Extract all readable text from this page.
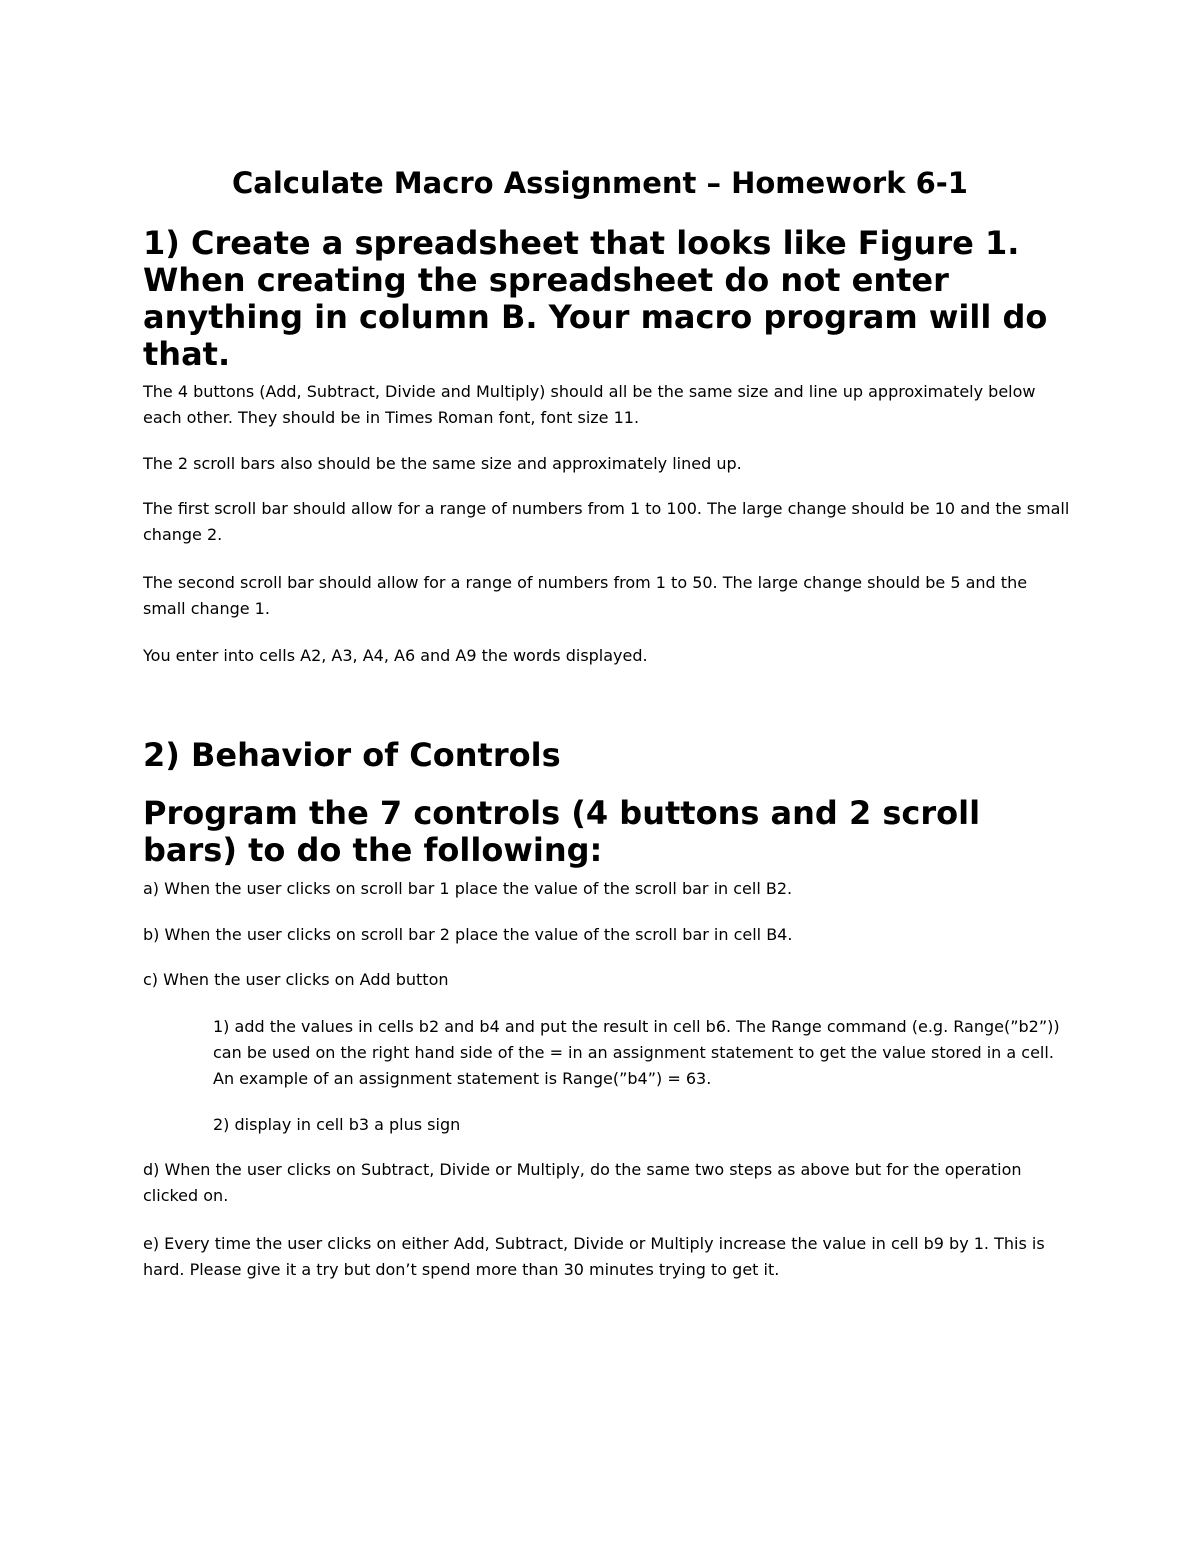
Calculate Macro Assignment – Homework 6-1
1) Create a spreadsheet that looks like Figure 1. When creating the spreadsheet do not enter anything in column B. Your macro program will do that.
The 4 buttons (Add, Subtract, Divide and Multiply) should all be the same size and line up approximately below each other. They should be in Times Roman font, font size 11.
The 2 scroll bars also should be the same size and approximately lined up.
The first scroll bar should allow for a range of numbers from 1 to 100. The large change should be 10 and the small change 2.
The second scroll bar should allow for a range of numbers from 1 to 50. The large change should be 5 and the small change 1.
You enter into cells A2, A3, A4, A6 and A9 the words displayed.
2) Behavior of Controls
Program the 7 controls (4 buttons and 2 scroll bars) to do the following:
a) When the user clicks on scroll bar 1 place the value of the scroll bar in cell B2.
b) When the user clicks on scroll bar 2 place the value of the scroll bar in cell B4.
c) When the user clicks on Add button
1) add the values in cells b2 and b4 and put the result in cell b6. The Range command (e.g. Range(”b2”)) can be used on the right hand side of the = in an assignment statement to get the value stored in a cell. An example of an assignment statement is Range(”b4”) = 63.
2) display in cell b3 a plus sign
d) When the user clicks on Subtract, Divide or Multiply, do the same two steps as above but for the operation clicked on.
e) Every time the user clicks on either Add, Subtract, Divide or Multiply increase the value in cell b9 by 1. This is hard. Please give it a try but don’t spend more than 30 minutes trying to get it.
